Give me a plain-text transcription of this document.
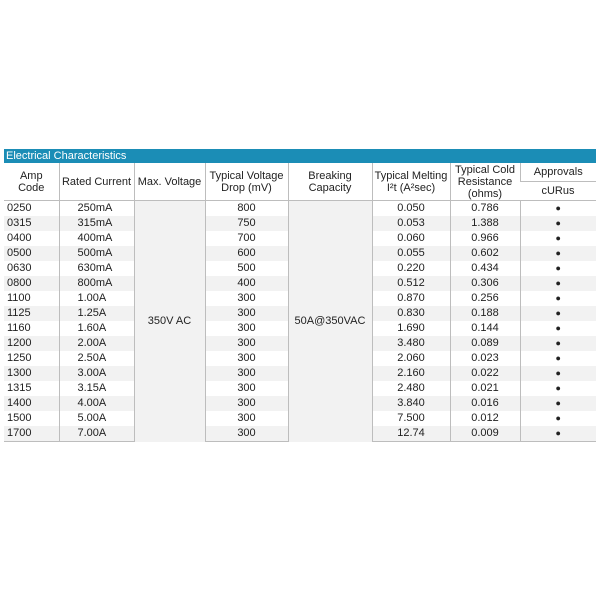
Electrical Characteristics
Amp Code	Rated Current	Max. Voltage	Typical Voltage Drop (mV)	Breaking Capacity	Typical Melting I²t (A²sec)	Typical Cold Resistance (ohms)	Approvals
							cURus
0250	250mA	350V AC	800	50A@350VAC	0.050	0.786	●
0315	315mA		750		0.053	1.388	●
0400	400mA		700		0.060	0.966	●
0500	500mA		600		0.055	0.602	●
0630	630mA		500		0.220	0.434	●
0800	800mA		400		0.512	0.306	●
1100	1.00A		300		0.870	0.256	●
1125	1.25A		300		0.830	0.188	●
1160	1.60A		300		1.690	0.144	●
1200	2.00A		300		3.480	0.089	●
1250	2.50A		300		2.060	0.023	●
1300	3.00A		300		2.160	0.022	●
1315	3.15A		300		2.480	0.021	●
1400	4.00A		300		3.840	0.016	●
1500	5.00A		300		7.500	0.012	●
1700	7.00A		300		12.74	0.009	●
